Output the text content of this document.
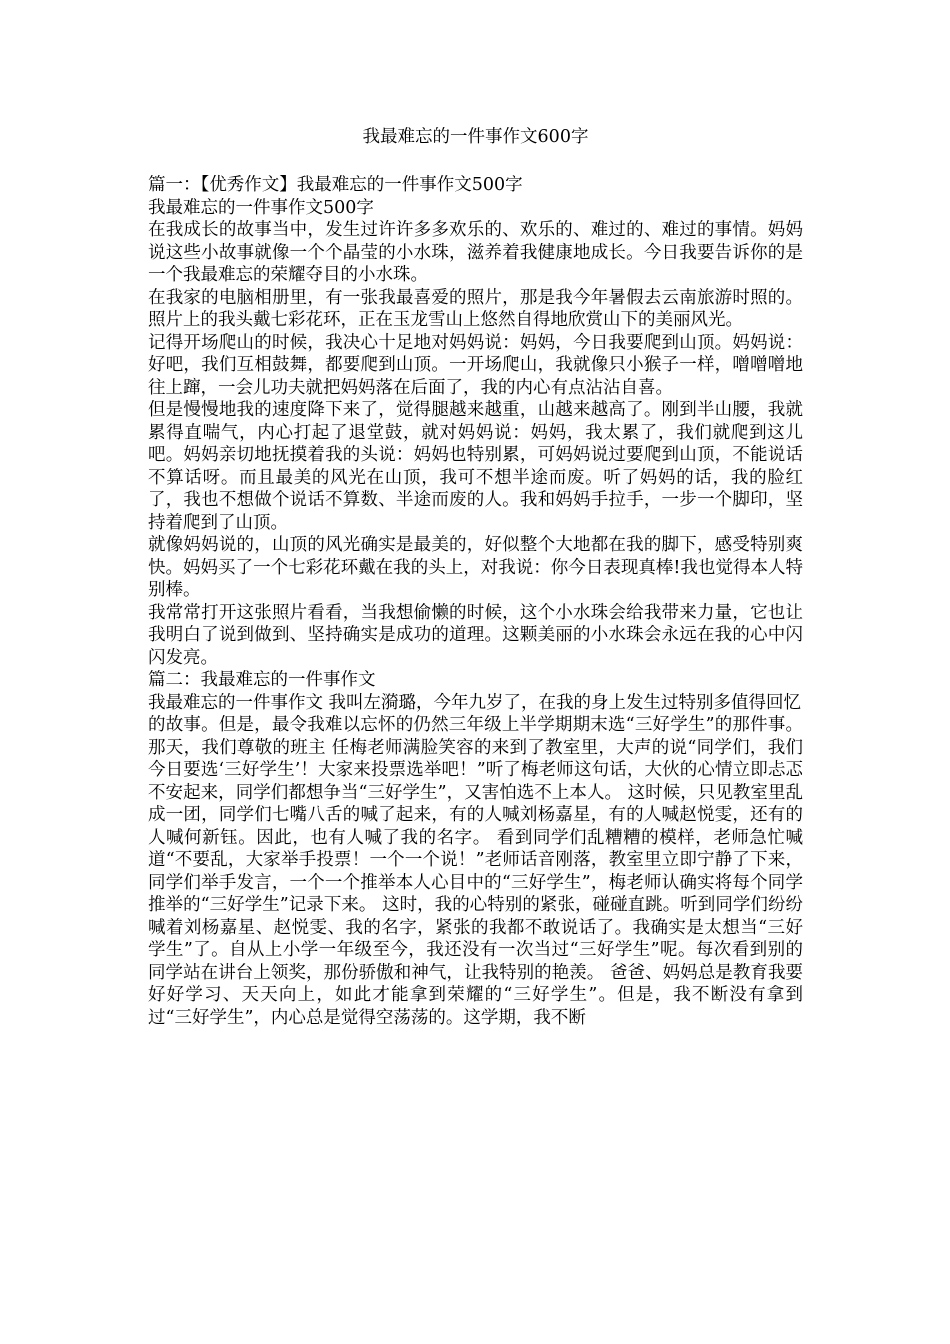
我最难忘的一件事作文600字

篇一：【优秀作文】我最难忘的一件事作文500字

我最难忘的一件事作文500字

在我成长的故事当中，发生过许许多多欢乐的、欢乐的、难过的、难过的事情。妈妈说这些小故事就像一个个晶莹的小水珠，滋养着我健康地成长。今日我要告诉你的是一个我最难忘的荣耀夺目的小水珠。

在我家的电脑相册里，有一张我最喜爱的照片，那是我今年暑假去云南旅游时照的。照片上的我头戴七彩花环，正在玉龙雪山上悠然自得地欣赏山下的美丽风光。

记得开场爬山的时候，我决心十足地对妈妈说：妈妈，今日我要爬到山顶。妈妈说：好吧，我们互相鼓舞，都要爬到山顶。一开场爬山，我就像只小猴子一样，噌噌噌地往上蹿，一会儿功夫就把妈妈落在后面了，我的内心有点沾沾自喜。

但是慢慢地我的速度降下来了，觉得腿越来越重，山越来越高了。刚到半山腰，我就累得直喘气，内心打起了退堂鼓，就对妈妈说：妈妈，我太累了，我们就爬到这儿吧。妈妈亲切地抚摸着我的头说：妈妈也特别累，可妈妈说过要爬到山顶，不能说话不算话呀。而且最美的风光在山顶，我可不想半途而废。听了妈妈的话，我的脸红了，我也不想做个说话不算数、半途而废的人。我和妈妈手拉手，一步一个脚印，坚持着爬到了山顶。

就像妈妈说的，山顶的风光确实是最美的，好似整个大地都在我的脚下，感受特别爽快。妈妈买了一个七彩花环戴在我的头上，对我说：你今日表现真棒!我也觉得本人特别棒。

我常常打开这张照片看看，当我想偷懒的时候，这个小水珠会给我带来力量，它也让我明白了说到做到、坚持确实是成功的道理。这颗美丽的小水珠会永远在我的心中闪闪发亮。

篇二：我最难忘的一件事作文

我最难忘的一件事作文 我叫左漪璐，今年九岁了，在我的身上发生过特别多值得回忆

的故事。但是，最令我难以忘怀的仍然三年级上半学期期末选“三好学生”的那件事。 那天，我们尊敬的班主 任梅老师满脸笑容的来到了教室里，大声的说“同学们，我们今日要选‘三好学生’！大家来投票选举吧！”听了梅老师这句话，大伙的心情立即忐忑不安起来，同学们都想争当“三好学生”，又害怕选不上本人。 这时候，只见教室里乱成一团，同学们七嘴八舌的喊了起来，有的人喊刘杨嘉星，有的人喊赵悦雯，还有的人喊何新钰。因此，也有人喊了我的名字。 看到同学们乱糟糟的模样，老师急忙喊道“不要乱，大家举手投票！一个一个说！”老师话音刚落，教室里立即宁静了下来，同学们举手发言，一个一个推举本人心目中的“三好学生”，梅老师认确实将每个同学推举的“三好学生”记录下来。 这时，我的心特别的紧张，碰碰直跳。听到同学们纷纷喊着刘杨嘉星、赵悦雯、我的名字，紧张的我都不敢说话了。我确实是太想当“三好学生”了。自从上小学一年级至今，我还没有一次当过“三好学生”呢。每次看到别的同学站在讲台上领奖，那份骄傲和神气，让我特别的艳羡。 爸爸、妈妈总是教育我要好好学习、天天向上，如此才能拿到荣耀的“三好学生”。但是，我不断没有拿到过“三好学生”，内心总是觉得空荡荡的。这学期，我不断
